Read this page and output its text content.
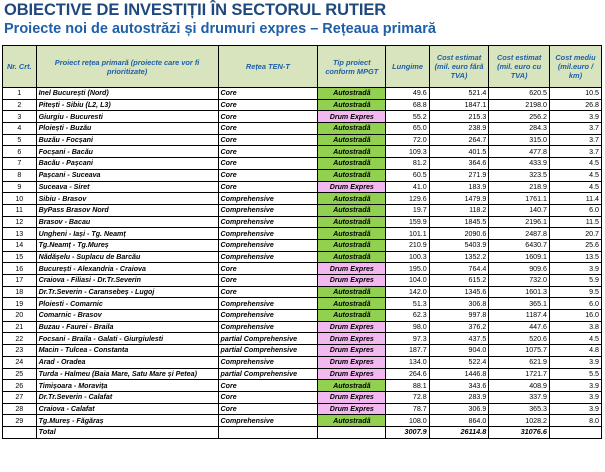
OBIECTIVE DE INVESTIȚII ÎN SECTORUL RUTIER
Proiecte noi de autostrăzi și drumuri expres – Rețeaua primară
Nr. Crt.	Proiect rețea primară (proiecte care vor fi prioritizate)	Rețea TEN-T	Tip proiect conform MPGT	Lungime	Cost estimat (mil. euro fără TVA)	Cost estimat (mil. euro cu TVA)	Cost mediu (mil.euro / km)
1	Inel București (Nord)	Core	Autostradă	49.6	521.4	620.5	10.5
2	Pitești - Sibiu (L2, L3)	Core	Autostradă	68.8	1847.1	2198.0	26.8
3	Giurgiu - Bucuresti	Core	Drum Expres	55.2	215.3	256.2	3.9
4	Ploiești - Buzău	Core	Autostradă	65.0	238.9	284.3	3.7
5	Buzău - Focșani	Core	Autostradă	72.0	264.7	315.0	3.7
6	Focșani - Bacău	Core	Autostradă	109.3	401.5	477.8	3.7
7	Bacău - Pașcani	Core	Autostradă	81.2	364.6	433.9	4.5
8	Pașcani - Suceava	Core	Autostradă	60.5	271.9	323.5	4.5
9	Suceava - Siret	Core	Drum Expres	41.0	183.9	218.9	4.5
10	Sibiu - Brasov	Comprehensive	Autostradă	129.6	1479.9	1761.1	11.4
11	ByPass Brasov Nord	Comprehensive	Autostradă	19.7	118.2	140.7	6.0
12	Brasov - Bacau	Comprehensive	Autostradă	159.9	1845.5	2196.1	11.5
13	Ungheni - Iași - Tg. Neamț	Comprehensive	Autostradă	101.1	2090.6	2487.8	20.7
14	Tg.Neamț - Tg.Mureș	Comprehensive	Autostradă	210.9	5403.9	6430.7	25.6
15	Nădășelu - Suplacu de Barcău	Comprehensive	Autostradă	100.3	1352.2	1609.1	13.5
16	București - Alexandria - Craiova	Core	Drum Expres	195.0	764.4	909.6	3.9
17	Craiova - Filiasi - Dr.Tr.Severin	Core	Drum Expres	104.0	615.2	732.0	5.9
18	Dr.Tr.Severin - Caransebeș - Lugoj	Core	Autostradă	142.0	1345.6	1601.3	9.5
19	Ploiesti - Comarnic	Comprehensive	Autostradă	51.3	306.8	365.1	6.0
20	Comarnic - Brasov	Comprehensive	Autostradă	62.3	997.8	1187.4	16.0
21	Buzau - Faurei - Braila	Comprehensive	Drum Expres	98.0	376.2	447.6	3.8
22	Focsani - Braila - Galati - Giurgiulesti	partial Comprehensive	Drum Expres	97.3	437.5	520.6	4.5
23	Macin - Tulcea - Constanta	partial Comprehensive	Drum Expres	187.7	904.0	1075.7	4.8
24	Arad - Oradea	Comprehensive	Drum Expres	134.0	522.4	621.9	3.9
25	Turda - Halmeu (Baia Mare, Satu Mare și Petea)	partial Comprehensive	Drum Expres	264.6	1446.8	1721.7	5.5
26	Timișoara - Moravița	Core	Autostradă	88.1	343.6	408.9	3.9
27	Dr.Tr.Severin - Calafat	Core	Drum Expres	72.8	283.9	337.9	3.9
28	Craiova - Calafat	Core	Drum Expres	78.7	306.9	365.3	3.9
29	Tg.Mureș - Făgăraș	Comprehensive	Autostradă	108.0	864.0	1028.2	8.0
	Total			3007.9	26114.8	31076.6	
